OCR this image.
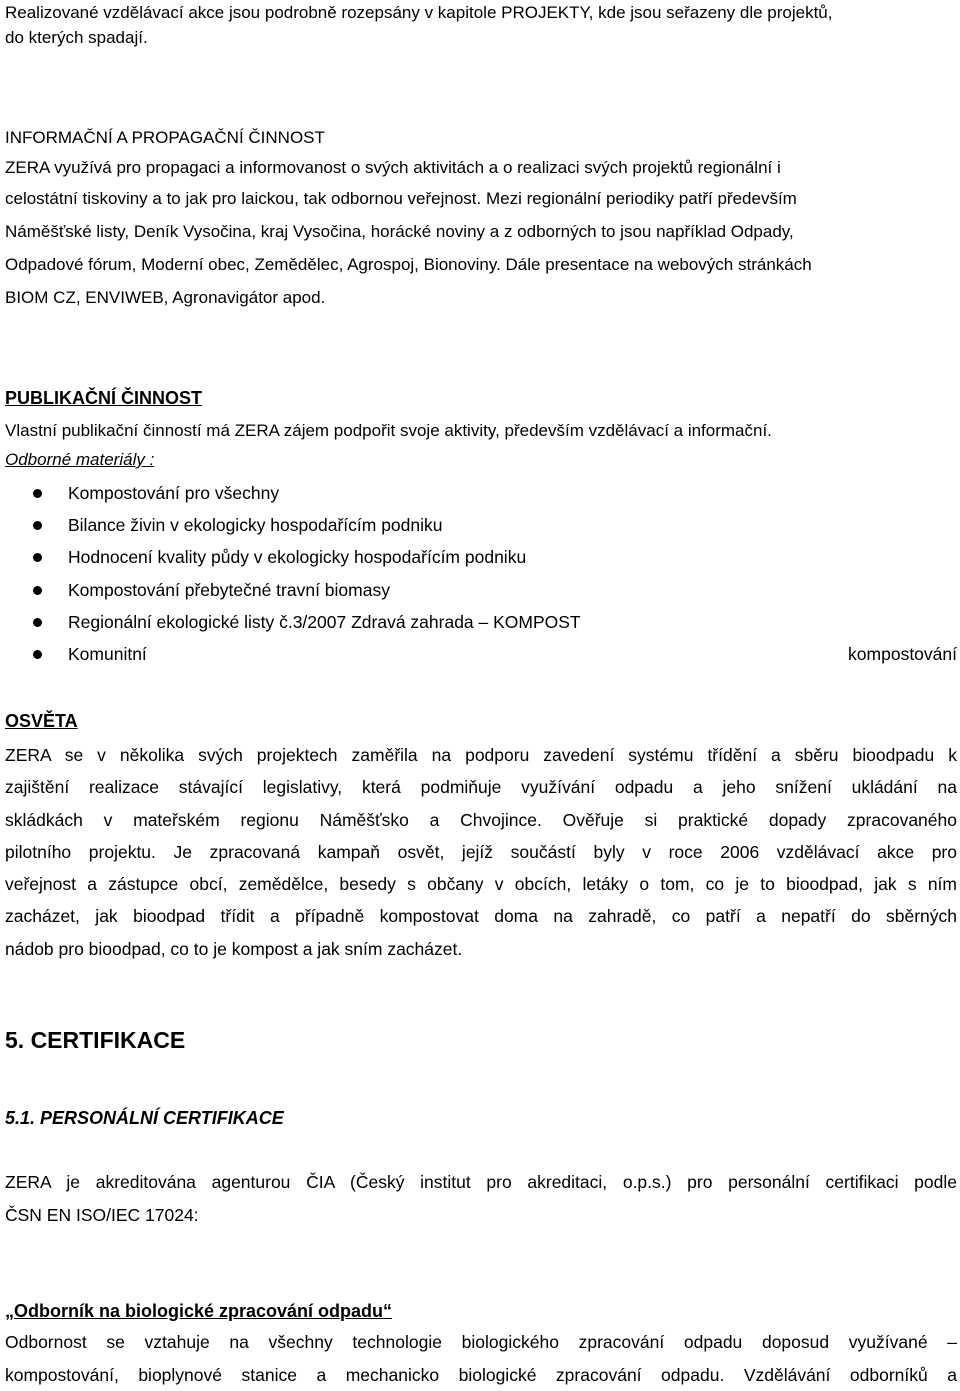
Realizované vzdělávací akce jsou podrobně rozepsány v kapitole PROJEKTY, kde jsou seřazeny dle projektů,

do kterých spadají.

INFORMAČNÍ A PROPAGAČNÍ ČINNOST

ZERA využívá pro propagaci a informovanost o svých aktivitách a o realizaci svých projektů regionální i

celostátní tiskoviny a to jak pro laickou, tak odbornou veřejnost. Mezi regionální periodiky patří především

Náměšťské listy, Deník Vysočina, kraj Vysočina, horácké noviny a z odborných to jsou například Odpady,

Odpadové fórum, Moderní obec, Zemědělec, Agrospoj, Bionoviny. Dále presentace na webových stránkách

BIOM CZ, ENVIWEB, Agronavigátor apod.

PUBLIKAČNÍ ČINNOST

Vlastní publikační činností má ZERA zájem podpořit svoje aktivity, především vzdělávací a informační.

Odborné materiály :

Kompostování pro všechny
Bilance živin v ekologicky hospodařícím podniku
Hodnocení kvality půdy v ekologicky hospodařícím podniku
Kompostování přebytečné travní biomasy
Regionální ekologické listy č.3/2007 Zdravá zahrada – KOMPOST
Komunitní	kompostování

OSVĚTA

ZERA se v několika svých projektech zaměřila na podporu zavedení systému třídění a sběru bioodpadu k

zajištění realizace stávající legislativy, která podmiňuje využívání odpadu a jeho snížení ukládání na

skládkách v mateřském regionu Náměšťsko a Chvojince. Ověřuje si praktické dopady zpracovaného

pilotního projektu. Je zpracovaná kampaň osvět, jejíž součástí byly v roce 2006 vzdělávací akce pro

veřejnost a zástupce obcí, zemědělce, besedy s občany v obcích, letáky o tom, co je to bioodpad, jak s ním

zacházet, jak bioodpad třídit a případně kompostovat doma na zahradě, co patří a nepatří do sběrných

nádob pro bioodpad, co to je kompost a jak sním zacházet.

5. CERTIFIKACE

5.1. PERSONÁLNÍ CERTIFIKACE

ZERA je akreditována agenturou ČIA (Český institut pro akreditaci, o.p.s.) pro personální certifikaci podle

ČSN EN ISO/IEC 17024:

„Odborník na biologické zpracování odpadu“

Odbornost se vztahuje na všechny technologie biologického zpracování odpadu doposud využívané –

kompostování, bioplynové stanice a mechanicko biologické zpracování odpadu. Vzdělávání odborníků a
